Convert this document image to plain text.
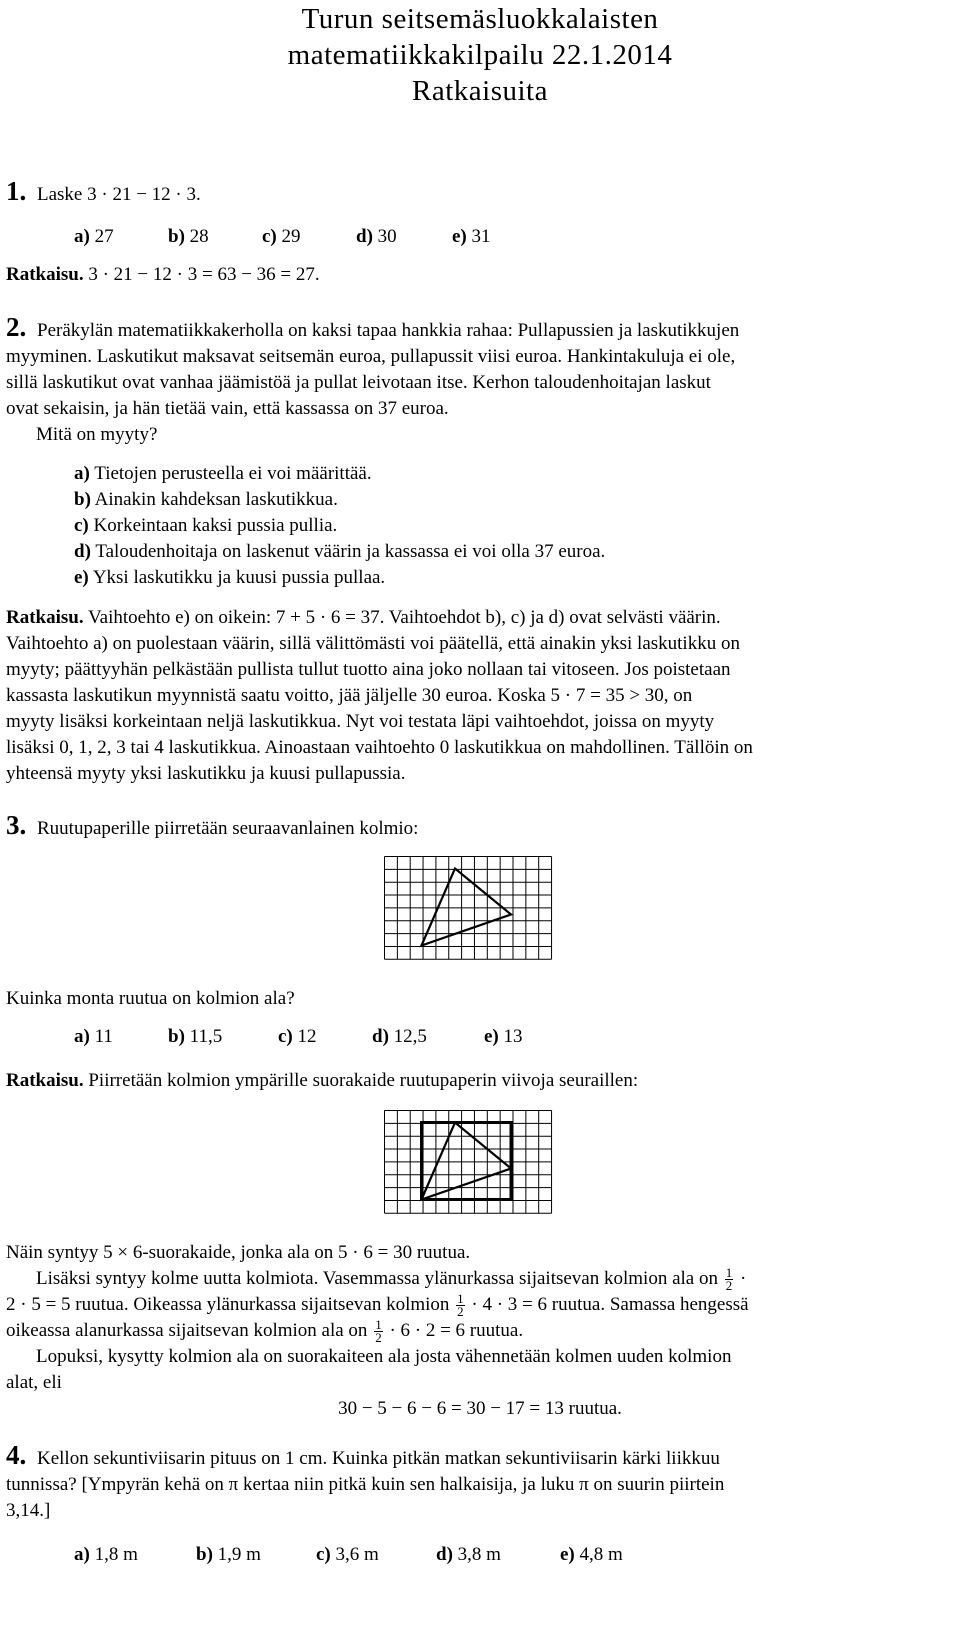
Turun seitsemäsluokkalaisten
matematiikkakilpailu 22.1.2014
Ratkaisuita
1. Laske 3 · 21 − 12 · 3.
a) 27	b) 28	c) 29	d) 30	e) 31
Ratkaisu. 3 · 21 − 12 · 3 = 63 − 36 = 27.
2. Peräkylän matematiikkakerholla on kaksi tapaa hankkia rahaa: Pullapussien ja laskutikkujen
myyminen. Laskutikut maksavat seitsemän euroa, pullapussit viisi euroa. Hankintakuluja ei ole,
sillä laskutikut ovat vanhaa jäämistöä ja pullat leivotaan itse. Kerhon taloudenhoitajan laskut
ovat sekaisin, ja hän tietää vain, että kassassa on 37 euroa.
Mitä on myyty?
a) Tietojen perusteella ei voi määrittää.
b) Ainakin kahdeksan laskutikkua.
c) Korkeintaan kaksi pussia pullia.
d) Taloudenhoitaja on laskenut väärin ja kassassa ei voi olla 37 euroa.
e) Yksi laskutikku ja kuusi pussia pullaa.
Ratkaisu. Vaihtoehto e) on oikein: 7 + 5 · 6 = 37. Vaihtoehdot b), c) ja d) ovat selvästi väärin.
Vaihtoehto a) on puolestaan väärin, sillä välittömästi voi päätellä, että ainakin yksi laskutikku on
myyty; päättyyhän pelkästään pullista tullut tuotto aina joko nollaan tai vitoseen. Jos poistetaan
kassasta laskutikun myynnistä saatu voitto, jää jäljelle 30 euroa. Koska 5 · 7 = 35 > 30, on
myyty lisäksi korkeintaan neljä laskutikkua. Nyt voi testata läpi vaihtoehdot, joissa on myyty
lisäksi 0, 1, 2, 3 tai 4 laskutikkua. Ainoastaan vaihtoehto 0 laskutikkua on mahdollinen. Tällöin on
yhteensä myyty yksi laskutikku ja kuusi pullapussia.
3. Ruutupaperille piirretään seuraavanlainen kolmio:
Kuinka monta ruutua on kolmion ala?
a) 11	b) 11,5	c) 12	d) 12,5	e) 13
Ratkaisu. Piirretään kolmion ympärille suorakaide ruutupaperin viivoja seuraillen:
Näin syntyy 5 × 6-suorakaide, jonka ala on 5 · 6 = 30 ruutua.
Lisäksi syntyy kolme uutta kolmiota. Vasemmassa ylänurkassa sijaitsevan kolmion ala on $\frac{1}{2}$ ·
2 · 5 = 5 ruutua. Oikeassa ylänurkassa sijaitsevan kolmion $\frac{1}{2} \cdot 4 \cdot 3 = 6$ ruutua. Samassa hengessä
oikeassa alanurkassa sijaitsevan kolmion ala on $\frac{1}{2} \cdot 6 \cdot 2 = 6$ ruutua.
Lopuksi, kysytty kolmion ala on suorakaiteen ala josta vähennetään kolmen uuden kolmion
alat, eli
30 − 5 − 6 − 6 = 30 − 17 = 13 ruutua.
4. Kellon sekuntiviisarin pituus on 1 cm. Kuinka pitkän matkan sekuntiviisarin kärki liikkuu
tunnissa? [Ympyrän kehä on π kertaa niin pitkä kuin sen halkaisija, ja luku π on suurin piirtein
3,14.]
a) 1,8 m	b) 1,9 m	c) 3,6 m	d) 3,8 m	e) 4,8 m
